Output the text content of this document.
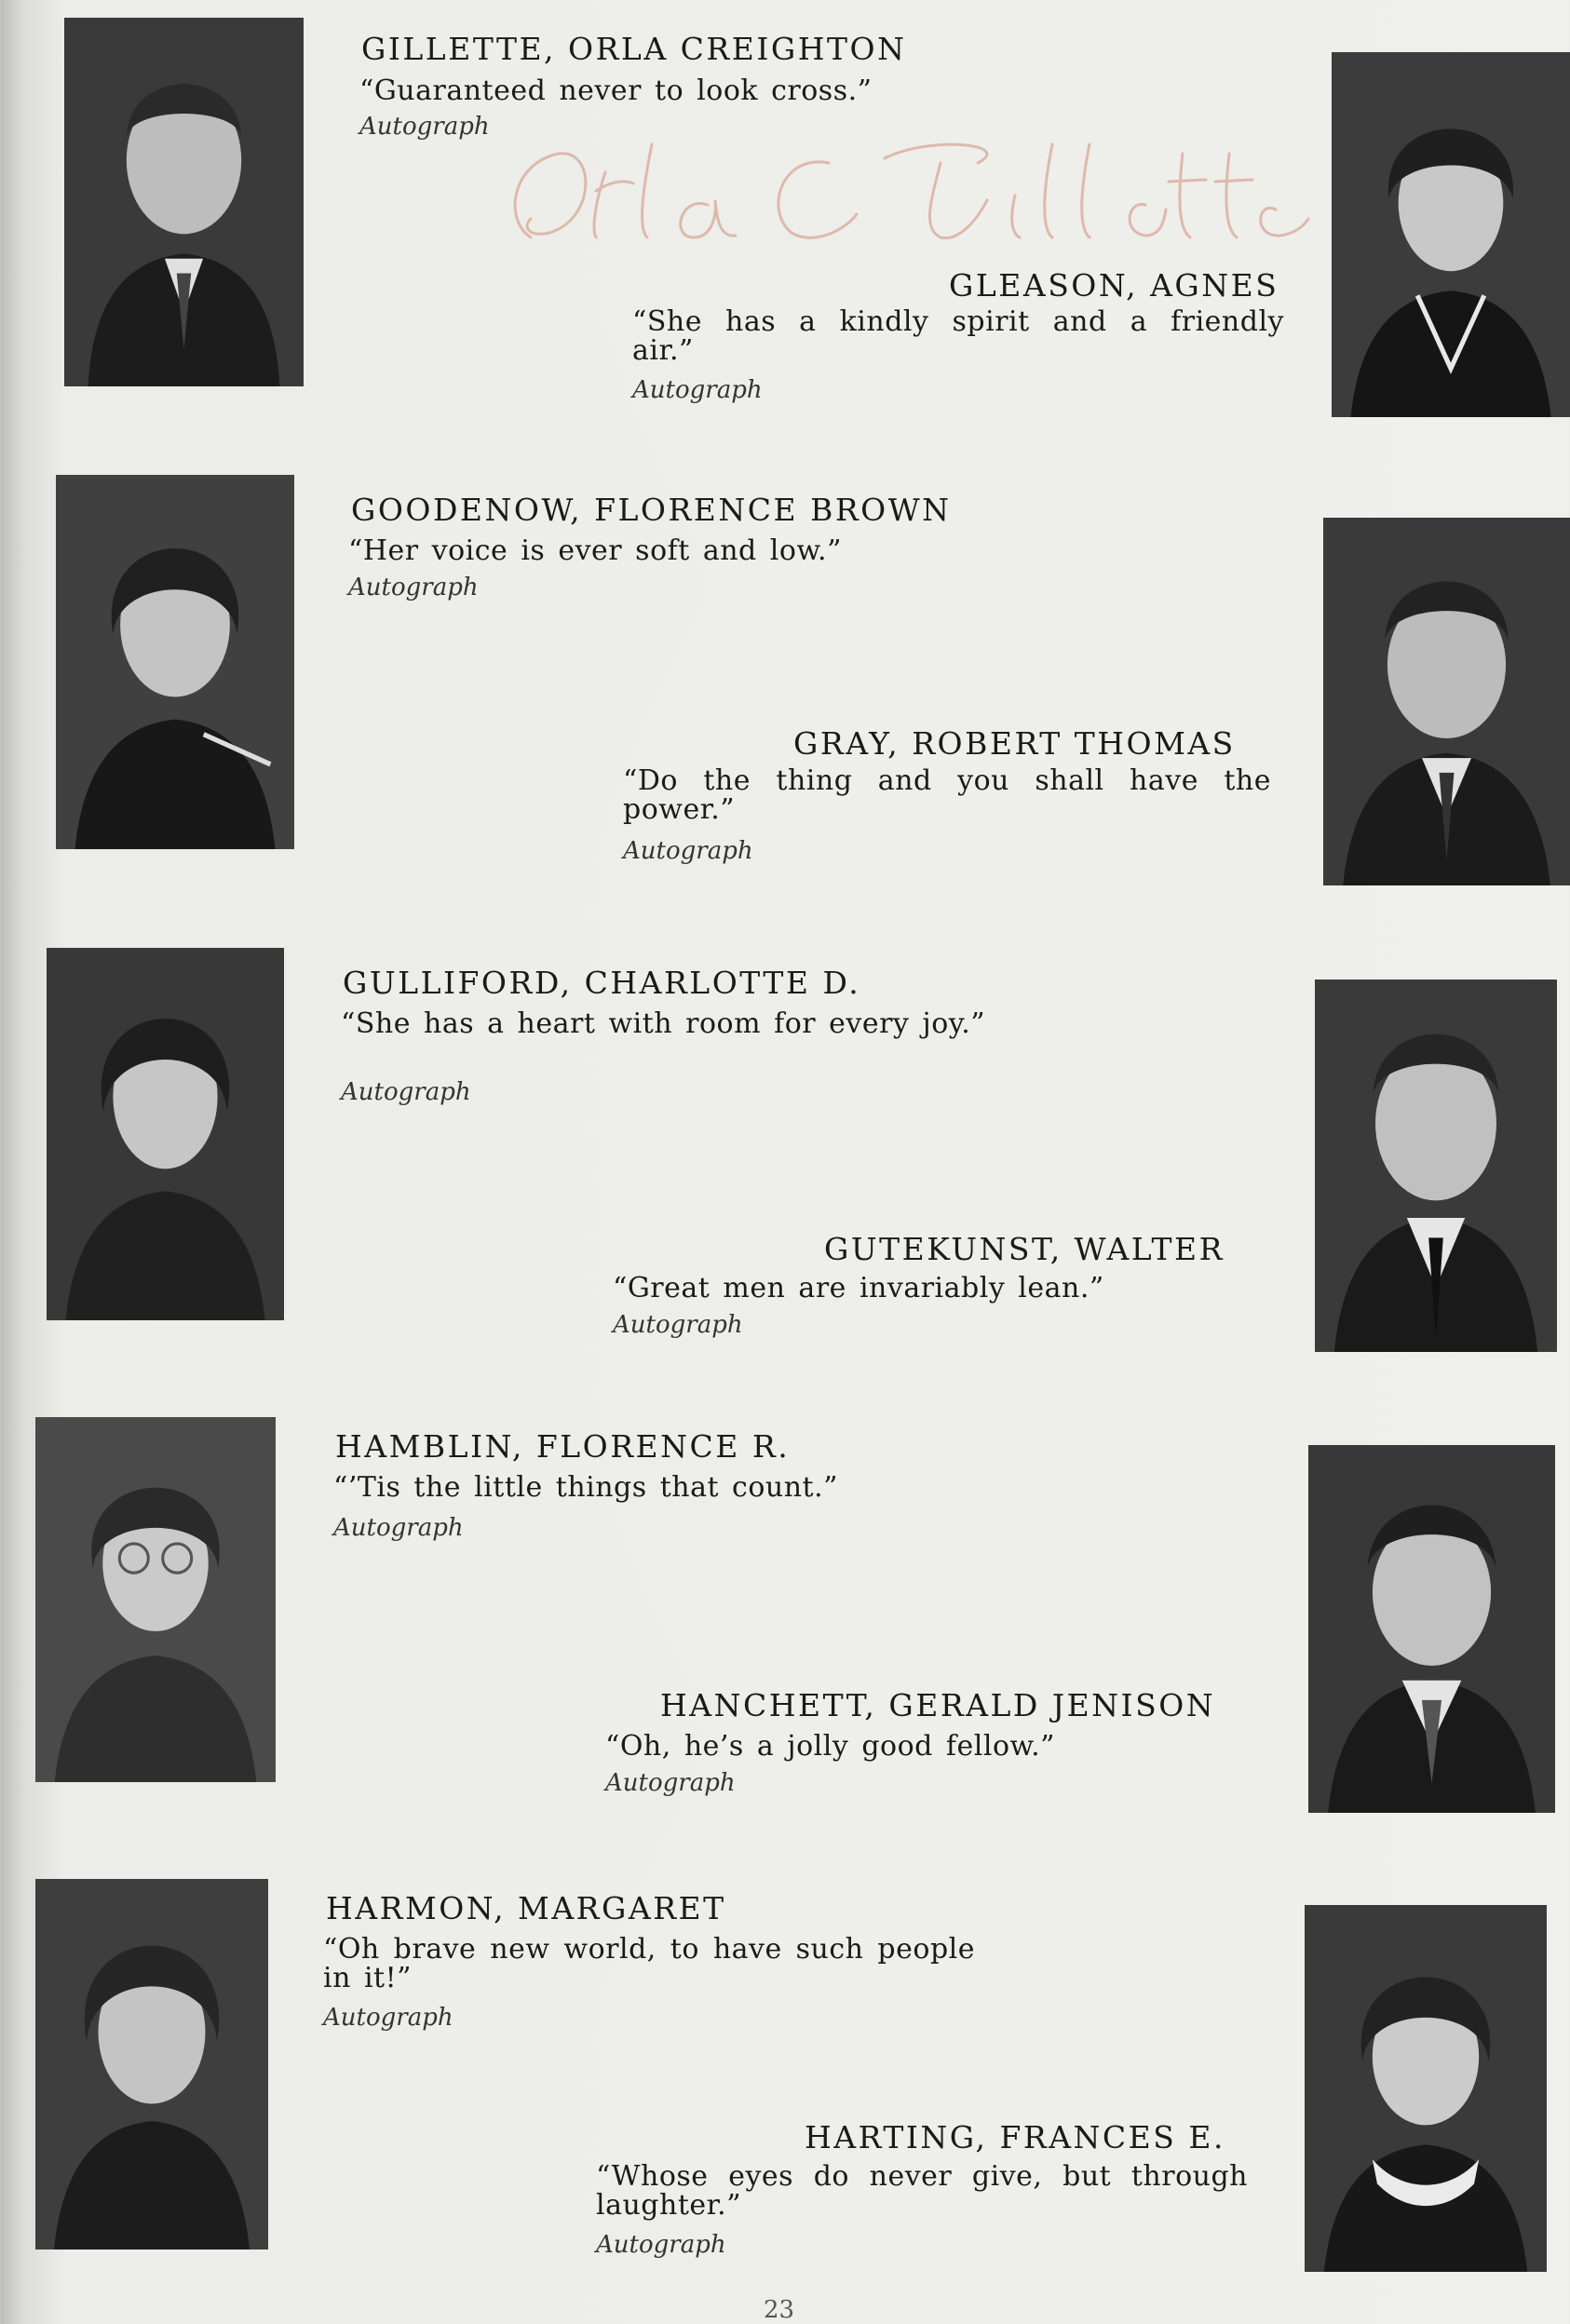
GILLETTE, ORLA CREIGHTON
“Guaranteed never to look cross.”
Autograph
GLEASON, AGNES
“She has a kindly spirit and a friendly air.”
Autograph
GOODENOW, FLORENCE BROWN
“Her voice is ever soft and low.”
Autograph
GRAY, ROBERT THOMAS
“Do the thing and you shall have the power.”
Autograph
GULLIFORD, CHARLOTTE D.
“She has a heart with room for every joy.”
Autograph
GUTEKUNST, WALTER
“Great men are invariably lean.”
Autograph
HAMBLIN, FLORENCE R.
“’Tis the little things that count.”
Autograph
HANCHETT, GERALD JENISON
“Oh, he’s a jolly good fellow.”
Autograph
HARMON, MARGARET
“Oh brave new world, to have such people in it!”
Autograph
HARTING, FRANCES E.
“Whose eyes do never give, but through laughter.”
Autograph
23
